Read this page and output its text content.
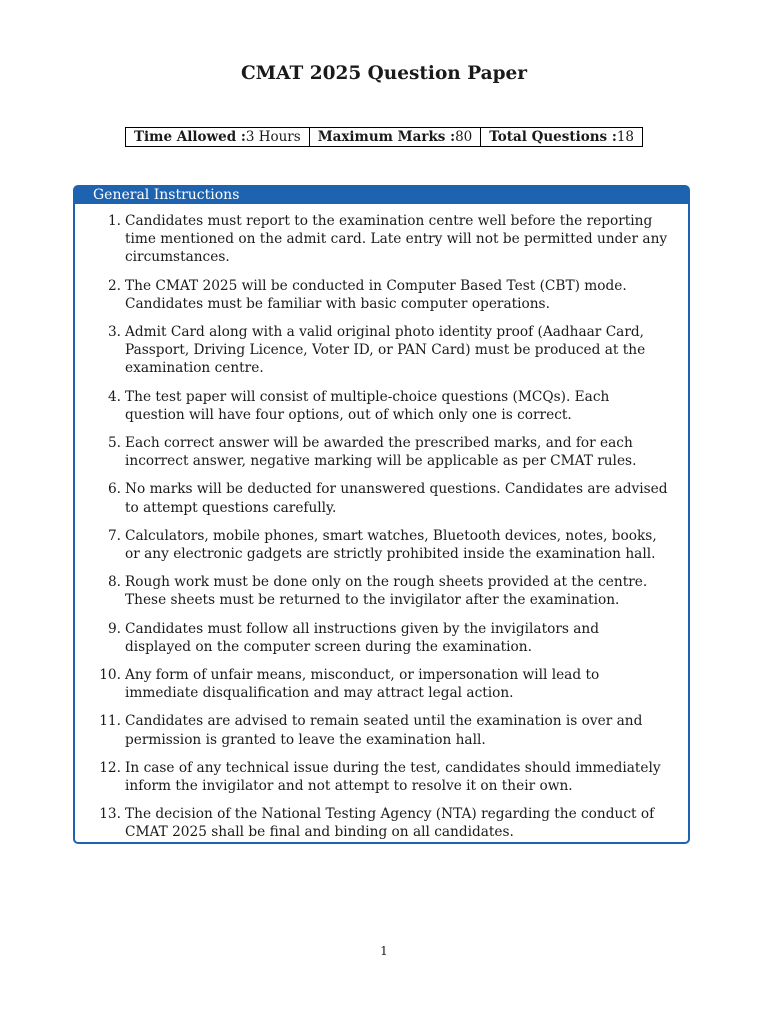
CMAT 2025 Question Paper
Time Allowed :3 Hours	Maximum Marks :80	Total Questions :18
General Instructions
1. Candidates must report to the examination centre well before the reporting time mentioned on the admit card. Late entry will not be permitted under any circumstances.
2. The CMAT 2025 will be conducted in Computer Based Test (CBT) mode. Candidates must be familiar with basic computer operations.
3. Admit Card along with a valid original photo identity proof (Aadhaar Card, Passport, Driving Licence, Voter ID, or PAN Card) must be produced at the examination centre.
4. The test paper will consist of multiple-choice questions (MCQs). Each question will have four options, out of which only one is correct.
5. Each correct answer will be awarded the prescribed marks, and for each incorrect answer, negative marking will be applicable as per CMAT rules.
6. No marks will be deducted for unanswered questions. Candidates are advised to attempt questions carefully.
7. Calculators, mobile phones, smart watches, Bluetooth devices, notes, books, or any electronic gadgets are strictly prohibited inside the examination hall.
8. Rough work must be done only on the rough sheets provided at the centre. These sheets must be returned to the invigilator after the examination.
9. Candidates must follow all instructions given by the invigilators and displayed on the computer screen during the examination.
10. Any form of unfair means, misconduct, or impersonation will lead to immediate disqualification and may attract legal action.
11. Candidates are advised to remain seated until the examination is over and permission is granted to leave the examination hall.
12. In case of any technical issue during the test, candidates should immediately inform the invigilator and not attempt to resolve it on their own.
13. The decision of the National Testing Agency (NTA) regarding the conduct of CMAT 2025 shall be final and binding on all candidates.
1
